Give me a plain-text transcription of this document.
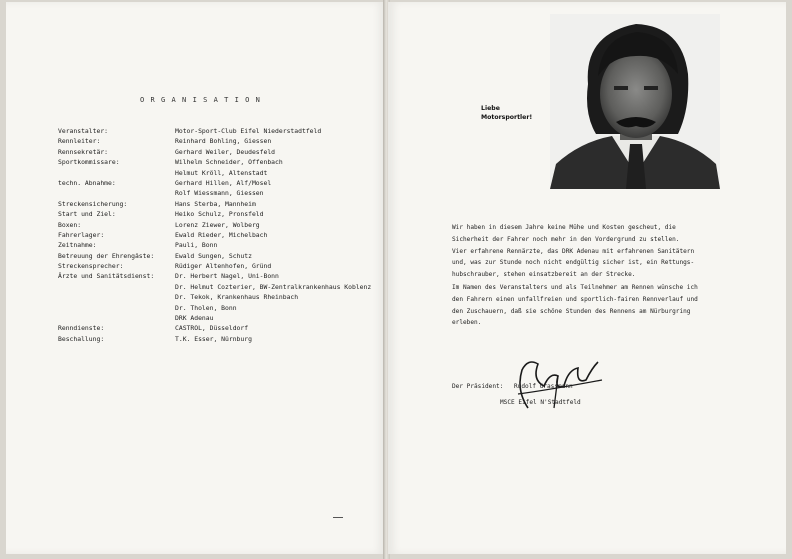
ORGANISATION
Veranstalter:	Motor-Sport-Club Eifel Niederstadtfeld
Rennleiter:	Reinhard Bohling, Giessen
Rennsekretär:	Gerhard Weiler, Deudesfeld
Sportkommissare:	Wilhelm Schneider, Offenbach
Helmut Kröll, Altenstadt
techn. Abnahme:	Gerhard Hillen, Alf/Mosel
Rolf Wiessmann, Giessen
Streckensicherung:	Hans Sterba, Mannheim
Start und Ziel:	Heiko Schulz, Pronsfeld
Boxen:	Lorenz Ziewer, Wolberg
Fahrerlager:	Ewald Rieder, Michelbach
Zeitnahme:	Pauli, Bonn
Betreuung der Ehrengäste:	Ewald Sungen, Schutz
Streckensprecher:	Rüdiger Altenhofen, Gründ
Ärzte und Sanitätsdienst:	Dr. Herbert Nagel, Uni-Bonn
Dr. Helmut Cozterier, BW-Zentralkrankenhaus Koblenz
Dr. Tekok, Krankenhaus Rheinbach
Dr. Tholen, Bonn
DRK Adenau
Renndienste:	CASTROL, Düsseldorf
Beschallung:	T.K. Esser, Nürnburg
Liebe
Motorsportler!

Wir haben in diesem Jahre keine Mühe und Kosten gescheut, die

Sicherheit der Fahrer noch mehr in den Vordergrund zu stellen.

Vier erfahrene Rennärzte, das DRK Adenau mit erfahrenen Sanitätern

und, was zur Stunde noch nicht endgültig sicher ist, ein Rettungs-

hubschrauber, stehen einsatzbereit an der Strecke.

Im Namen des Veranstalters und als Teilnehmer am Rennen wünsche ich

den Fahrern einen unfallfreien und sportlich-fairen Rennverlauf und

den Zuschauern, daß sie schöne Stunden des Rennens am Nürburgring

erleben.

Der Präsident: Rudolf Grassmann
MSCE Eifel N'Stadtfeld
